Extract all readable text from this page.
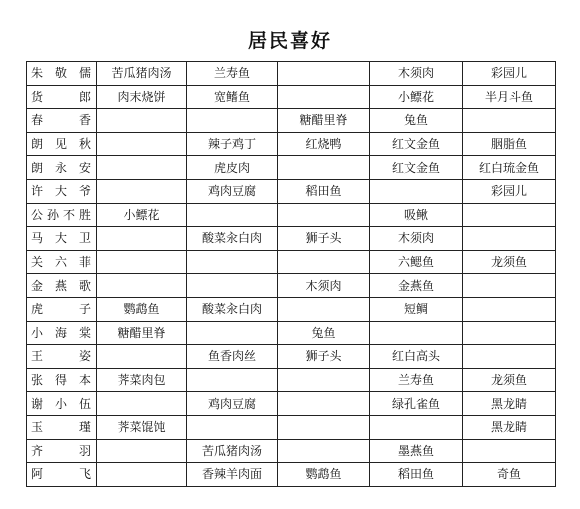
居民喜好
朱 敬 儒	苦瓜猪肉汤	兰寿鱼		木须肉	彩园儿
货 郎	肉末烧饼	宽鳍鱼		小鳔花	半月斗鱼
春 香			糖醋里脊	兔鱼	
朗 见 秋		辣子鸡丁	红烧鸭	红文金鱼	胭脂鱼
朗 永 安		虎皮肉		红文金鱼	红白琉金鱼
许 大 爷		鸡肉豆腐	稻田鱼		彩园儿
公孙不胜	小鳔花			吸鳅	
马 大 卫		酸菜汆白肉	狮子头	木须肉	
关 六 菲				六鳃鱼	龙须鱼
金 燕 歌			木须肉	金燕鱼	
虎 子	鹦鹉鱼	酸菜汆白肉		短鲷	
小 海 棠	糖醋里脊		兔鱼		
王 姿		鱼香肉丝	狮子头	红白高头	
张 得 本	荠菜肉包			兰寿鱼	龙须鱼
谢 小 伍		鸡肉豆腐		绿孔雀鱼	黑龙睛
玉 瑾	荠菜馄饨				黑龙睛
齐 羽		苦瓜猪肉汤		墨燕鱼	
阿 飞		香辣羊肉面	鹦鹉鱼	稻田鱼	奇鱼
